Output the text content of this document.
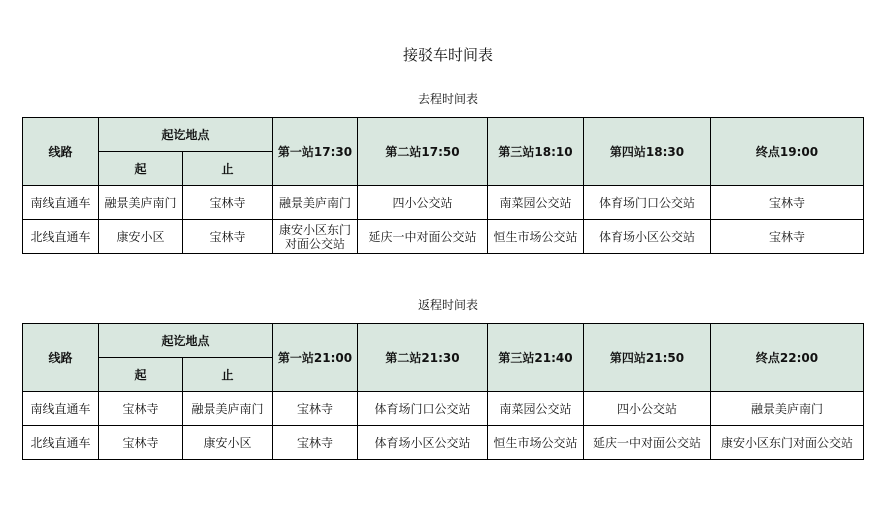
接驳车时间表
去程时间表
线路	起讫地点		第一站17:30	第二站17:50	第三站18:10	第四站18:30	终点19:00
	起	止					
南线直通车	融景美庐南门	宝林寺	融景美庐南门	四小公交站	南菜园公交站	体育场门口公交站	宝林寺
北线直通车	康安小区	宝林寺	康安小区东门对面公交站	延庆一中对面公交站	恒生市场公交站	体育场小区公交站	宝林寺
返程时间表
线路	起讫地点		第一站21:00	第二站21:30	第三站21:40	第四站21:50	终点22:00
	起	止					
南线直通车	宝林寺	融景美庐南门	宝林寺	体育场门口公交站	南菜园公交站	四小公交站	融景美庐南门
北线直通车	宝林寺	康安小区	宝林寺	体育场小区公交站	恒生市场公交站	延庆一中对面公交站	康安小区东门对面公交站
